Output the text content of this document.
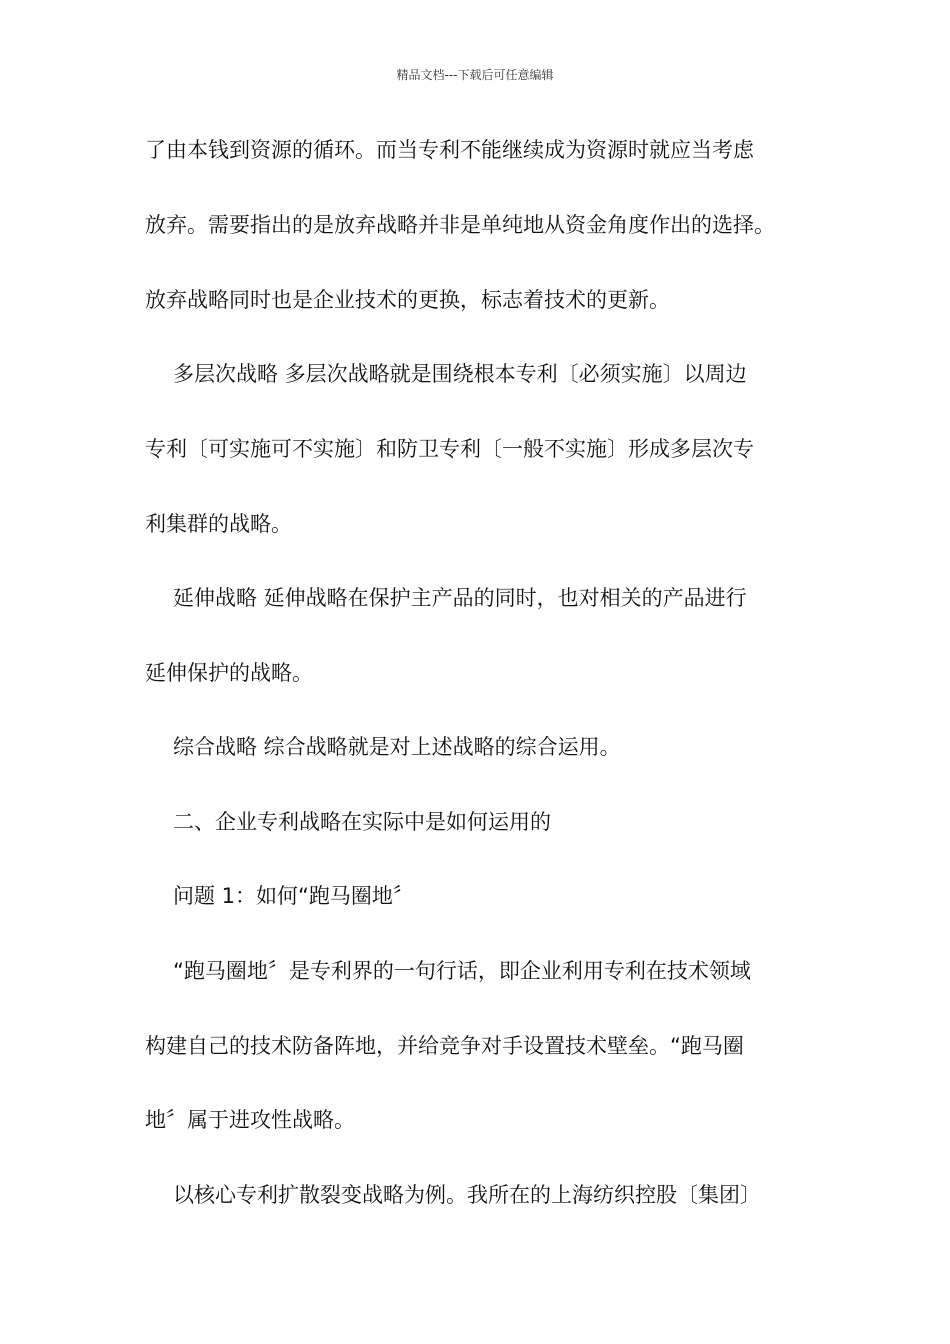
精品文档---下载后可任意编辑
了由本钱到资源的循环。而当专利不能继续成为资源时就应当考虑
放弃。需要指出的是放弃战略并非是单纯地从资金角度作出的选择。
放弃战略同时也是企业技术的更换，标志着技术的更新。
多层次战略 多层次战略就是围绕根本专利〔必须实施〕以周边
专利〔可实施可不实施〕和防卫专利〔一般不实施〕形成多层次专
利集群的战略。
延伸战略 延伸战略在保护主产品的同时，也对相关的产品进行
延伸保护的战略。
综合战略 综合战略就是对上述战略的综合运用。
二、企业专利战略在实际中是如何运用的
问题 1：如何“跑马圈地〞
“跑马圈地〞是专利界的一句行话，即企业利用专利在技术领域
构建自己的技术防备阵地，并给竞争对手设置技术壁垒。“跑马圈
地〞属于进攻性战略。
以核心专利扩散裂变战略为例。我所在的上海纺织控股〔集团〕
